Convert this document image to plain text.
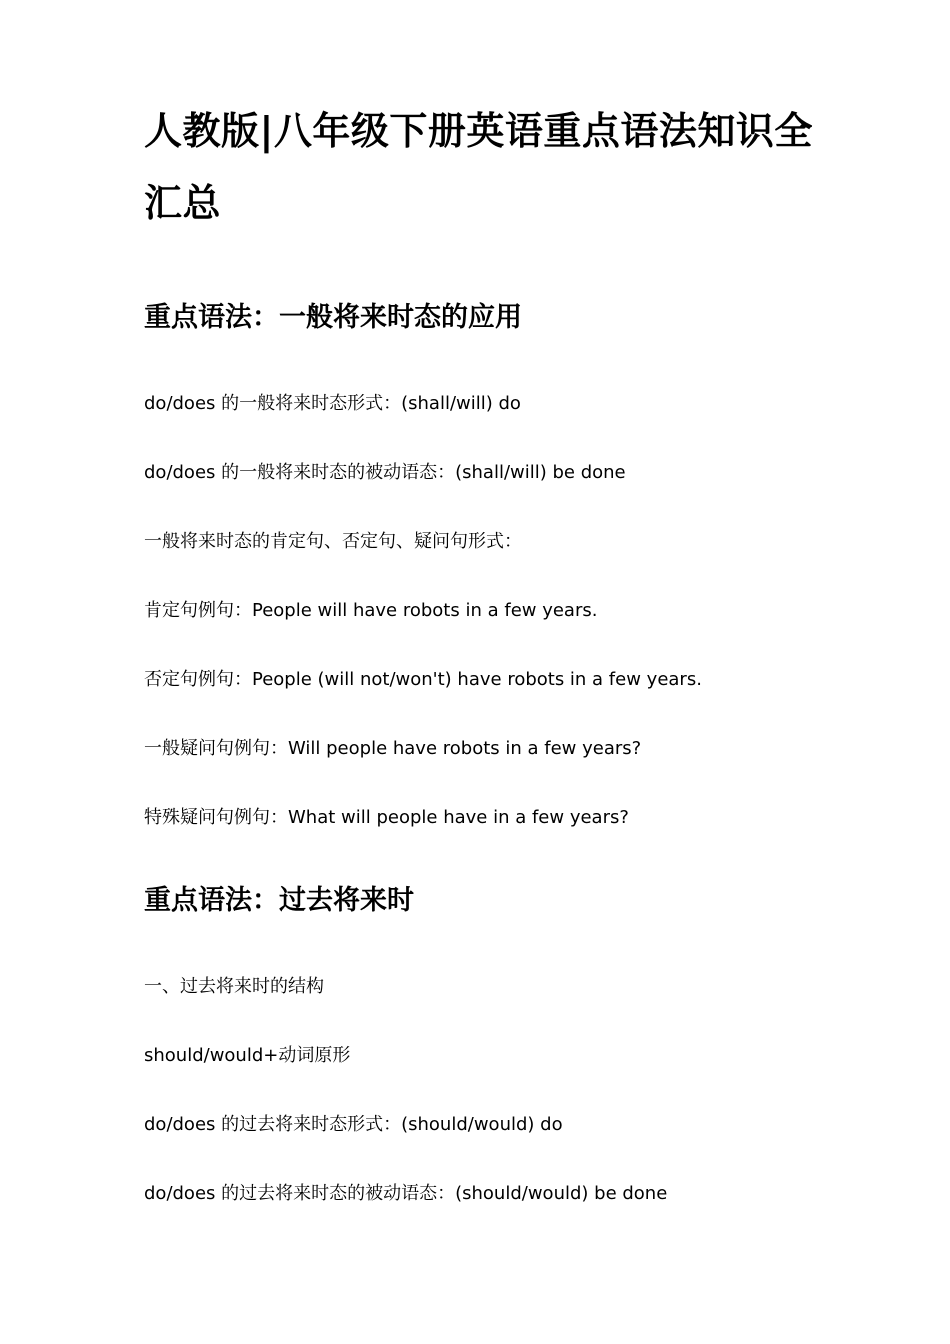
人教版|八年级下册英语重点语法知识全汇总
重点语法：一般将来时态的应用

do/does 的一般将来时态形式：(shall/will) do

do/does 的一般将来时态的被动语态：(shall/will) be done

一般将来时态的肯定句、否定句、疑问句形式：

肯定句例句：People will have robots in a few years.

否定句例句：People (will not/won't) have robots in a few years.

一般疑问句例句：Will people have robots in a few years?

特殊疑问句例句：What will people have in a few years?

重点语法：过去将来时

一、过去将来时的结构

should/would+动词原形

do/does 的过去将来时态形式：(should/would) do

do/does 的过去将来时态的被动语态：(should/would) be done
